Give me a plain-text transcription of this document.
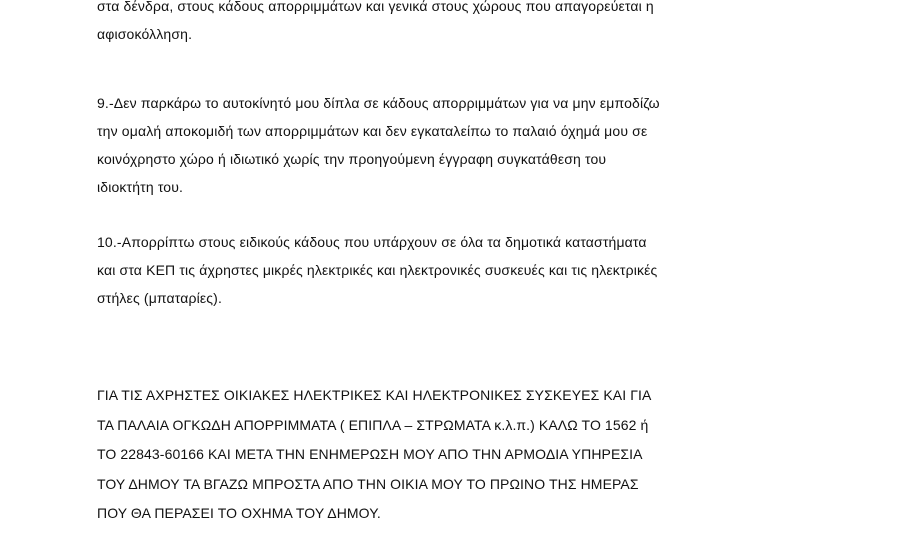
στα δένδρα, στους κάδους απορριμμάτων και γενικά στους χώρους που απαγορεύεται η
αφισοκόλληση.

9.-Δεν παρκάρω το αυτοκίνητό μου δίπλα σε κάδους απορριμμάτων για να μην εμποδίζω
την ομαλή αποκομιδή των απορριμμάτων και δεν εγκαταλείπω το παλαιό όχημά μου σε
κοινόχρηστο χώρο ή ιδιωτικό χωρίς την προηγούμενη έγγραφη συγκατάθεση του
ιδιοκτήτη του.

10.-Απορρίπτω στους ειδικούς κάδους που υπάρχουν σε όλα τα δημοτικά καταστήματα
και στα ΚΕΠ τις άχρηστες μικρές ηλεκτρικές και ηλεκτρονικές συσκευές και τις ηλεκτρικές
στήλες (μπαταρίες).

ΓΙΑ ΤΙΣ ΑΧΡΗΣΤΕΣ ΟΙΚΙΑΚΕΣ ΗΛΕΚΤΡΙΚΕΣ ΚΑΙ ΗΛΕΚΤΡΟΝΙΚΕΣ ΣΥΣΚΕΥΕΣ ΚΑΙ ΓΙΑ
ΤΑ ΠΑΛΑΙΑ ΟΓΚΩΔΗ ΑΠΟΡΡΙΜΜΑΤΑ ( ΕΠΙΠΛΑ – ΣΤΡΩΜΑΤΑ κ.λ.π.) ΚΑΛΩ ΤΟ 1562 ή
ΤΟ 22843-60166 ΚΑΙ ΜΕΤΑ ΤΗΝ ΕΝΗΜΕΡΩΣΗ ΜΟΥ ΑΠΟ ΤΗΝ ΑΡΜΟΔΙΑ ΥΠΗΡΕΣΙΑ
ΤΟΥ ΔΗΜΟΥ ΤΑ ΒΓΑΖΩ ΜΠΡΟΣΤΑ ΑΠΟ ΤΗΝ ΟΙΚΙΑ ΜΟΥ ΤΟ ΠΡΩΙΝΟ ΤΗΣ ΗΜΕΡΑΣ
ΠΟΥ ΘΑ ΠΕΡΑΣΕΙ ΤΟ ΟΧΗΜΑ ΤΟΥ ΔΗΜΟΥ.
